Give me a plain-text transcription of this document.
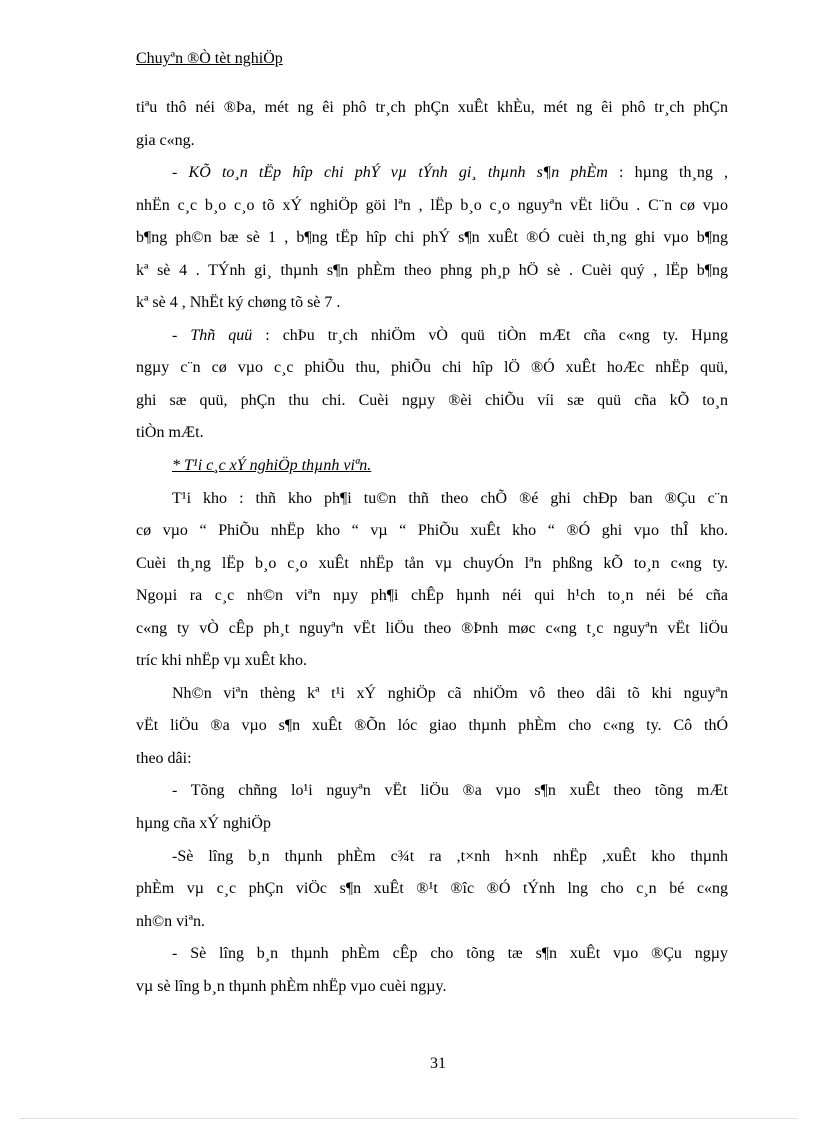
Chuyªn ®Ò tèt nghiÖp
tiªu thô néi ®Þa, mét ng êi phô tr¸ch phÇn xuÊt khÈu, mét ng êi phô tr¸ch phÇn
gia c«ng.
- KÕ to¸n tËp hîp chi phÝ vµ tÝnh gi¸ thµnh s¶n phÈm : hµng th¸ng ,
nhËn c¸c b¸o c¸o tõ xÝ nghiÖp göi lªn , lËp b¸o c¸o nguyªn vËt liÖu . C¨n cø vµo
b¶ng ph©n bæ sè 1 , b¶ng tËp hîp chi phÝ s¶n xuÊt ®Ó cuèi th¸ng ghi vµo b¶ng
kª sè 4 . TÝnh gi¸ thµnh s¶n phÈm theo phng ph¸p hÖ sè . Cuèi quý , lËp b¶ng
kª sè 4 , NhËt ký chøng tõ sè 7 .
- Thñ quü : chÞu tr¸ch nhiÖm vÒ quü tiÒn mÆt cña c«ng ty. Hµng
ngµy c¨n cø vµo c¸c phiÕu thu, phiÕu chi hîp lÖ ®Ó xuÊt hoÆc nhËp quü,
ghi sæ quü, phÇn thu chi. Cuèi ngµy ®èi chiÕu víi sæ quü cña kÕ to¸n
tiÒn mÆt.
* T¹i c¸c xÝ nghiÖp thµnh viªn.
T¹i kho : thñ kho ph¶i tu©n thñ theo chÕ ®é ghi chÐp ban ®Çu c¨n
cø vµo “ PhiÕu nhËp kho “ vµ “ PhiÕu xuÊt kho “ ®Ó ghi vµo thÎ kho.
Cuèi th¸ng lËp b¸o c¸o xuÊt nhËp tån vµ chuyÓn lªn phßng kÕ to¸n c«ng ty.
Ngoµi ra c¸c nh©n viªn nµy ph¶i chÊp hµnh néi qui h¹ch to¸n néi bé cña
c«ng ty vÒ cÊp ph¸t nguyªn vËt liÖu theo ®Þnh møc c«ng t¸c nguyªn vËt liÖu
tríc khi nhËp vµ xuÊt kho.
Nh©n viªn thèng kª t¹i xÝ nghiÖp cã nhiÖm vô theo dâi tõ khi nguyªn
vËt liÖu ®a vµo s¶n xuÊt ®Õn lóc giao thµnh phÈm cho c«ng ty. Cô thÓ
theo dâi:
- Tõng chñng lo¹i nguyªn vËt liÖu ®a vµo s¶n xuÊt theo tõng mÆt
hµng cña xÝ nghiÖp
-Sè lîng b¸n thµnh phÈm c¾t ra ,t×nh h×nh nhËp ,xuÊt kho thµnh
phÈm vµ c¸c phÇn viÖc s¶n xuÊt ®¹t ®îc ®Ó tÝnh lng cho c¸n bé c«ng
nh©n viªn.
- Sè lîng b¸n thµnh phÈm cÊp cho tõng tæ s¶n xuÊt vµo ®Çu ngµy
vµ sè lîng b¸n thµnh phÈm nhËp vµo cuèi ngµy.
31
